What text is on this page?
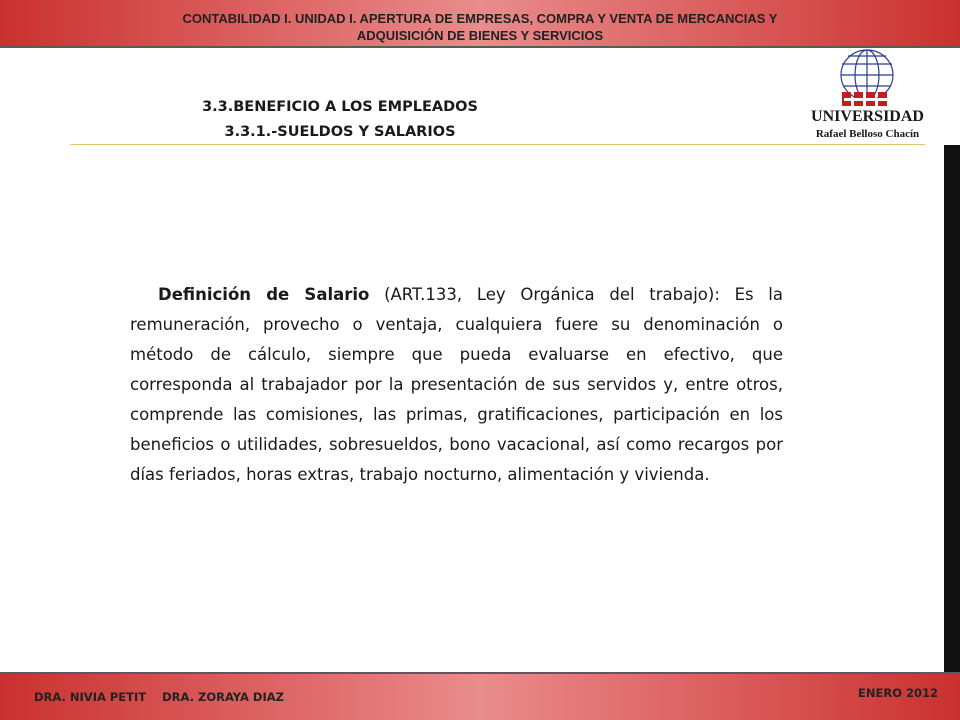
CONTABILIDAD I. UNIDAD I. APERTURA DE EMPRESAS, COMPRA Y VENTA DE MERCANCIAS Y
ADQUISICIÓN DE BIENES Y SERVICIOS

3.3.BENEFICIO A LOS EMPLEADOS
3.3.1.-SUELDOS Y SALARIOS
UNIVERSIDAD
Rafael Belloso Chacín

Definición de Salario (ART.133, Ley Orgánica del trabajo): Es la remuneración, provecho o ventaja, cualquiera fuere su denominación o método de cálculo, siempre que pueda evaluarse en efectivo, que corresponda al trabajador por la presentación de sus servidos y, entre otros, comprende las comisiones, las primas, gratificaciones, participación en los beneficios o utilidades, sobresueldos, bono vacacional, así como recargos por días feriados, horas extras, trabajo nocturno, alimentación y vivienda.

DRA. NIVIA PETIT    DRA. ZORAYA DIAZ	ENERO 2012
